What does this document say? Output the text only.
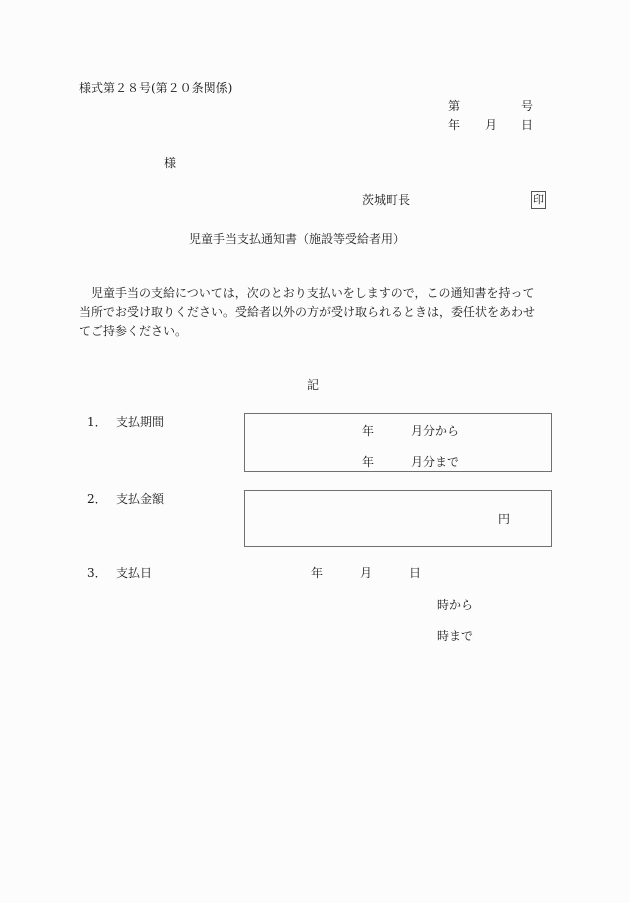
様式第２８号(第２０条関係)
第	号
年 月 日
様
茨城町長	印
児童手当支払通知書（施設等受給者用）
児童手当の支給については，次のとおり支払いをしますので，この通知書を持って
当所でお受け取りください。受給者以外の方が受け取られるときは，委任状をあわせ
てご持参ください。
記
1． 支払期間
年	月分から
年	月分まで
2． 支払金額
円
3． 支払日	年	月	日
時から
時まで
